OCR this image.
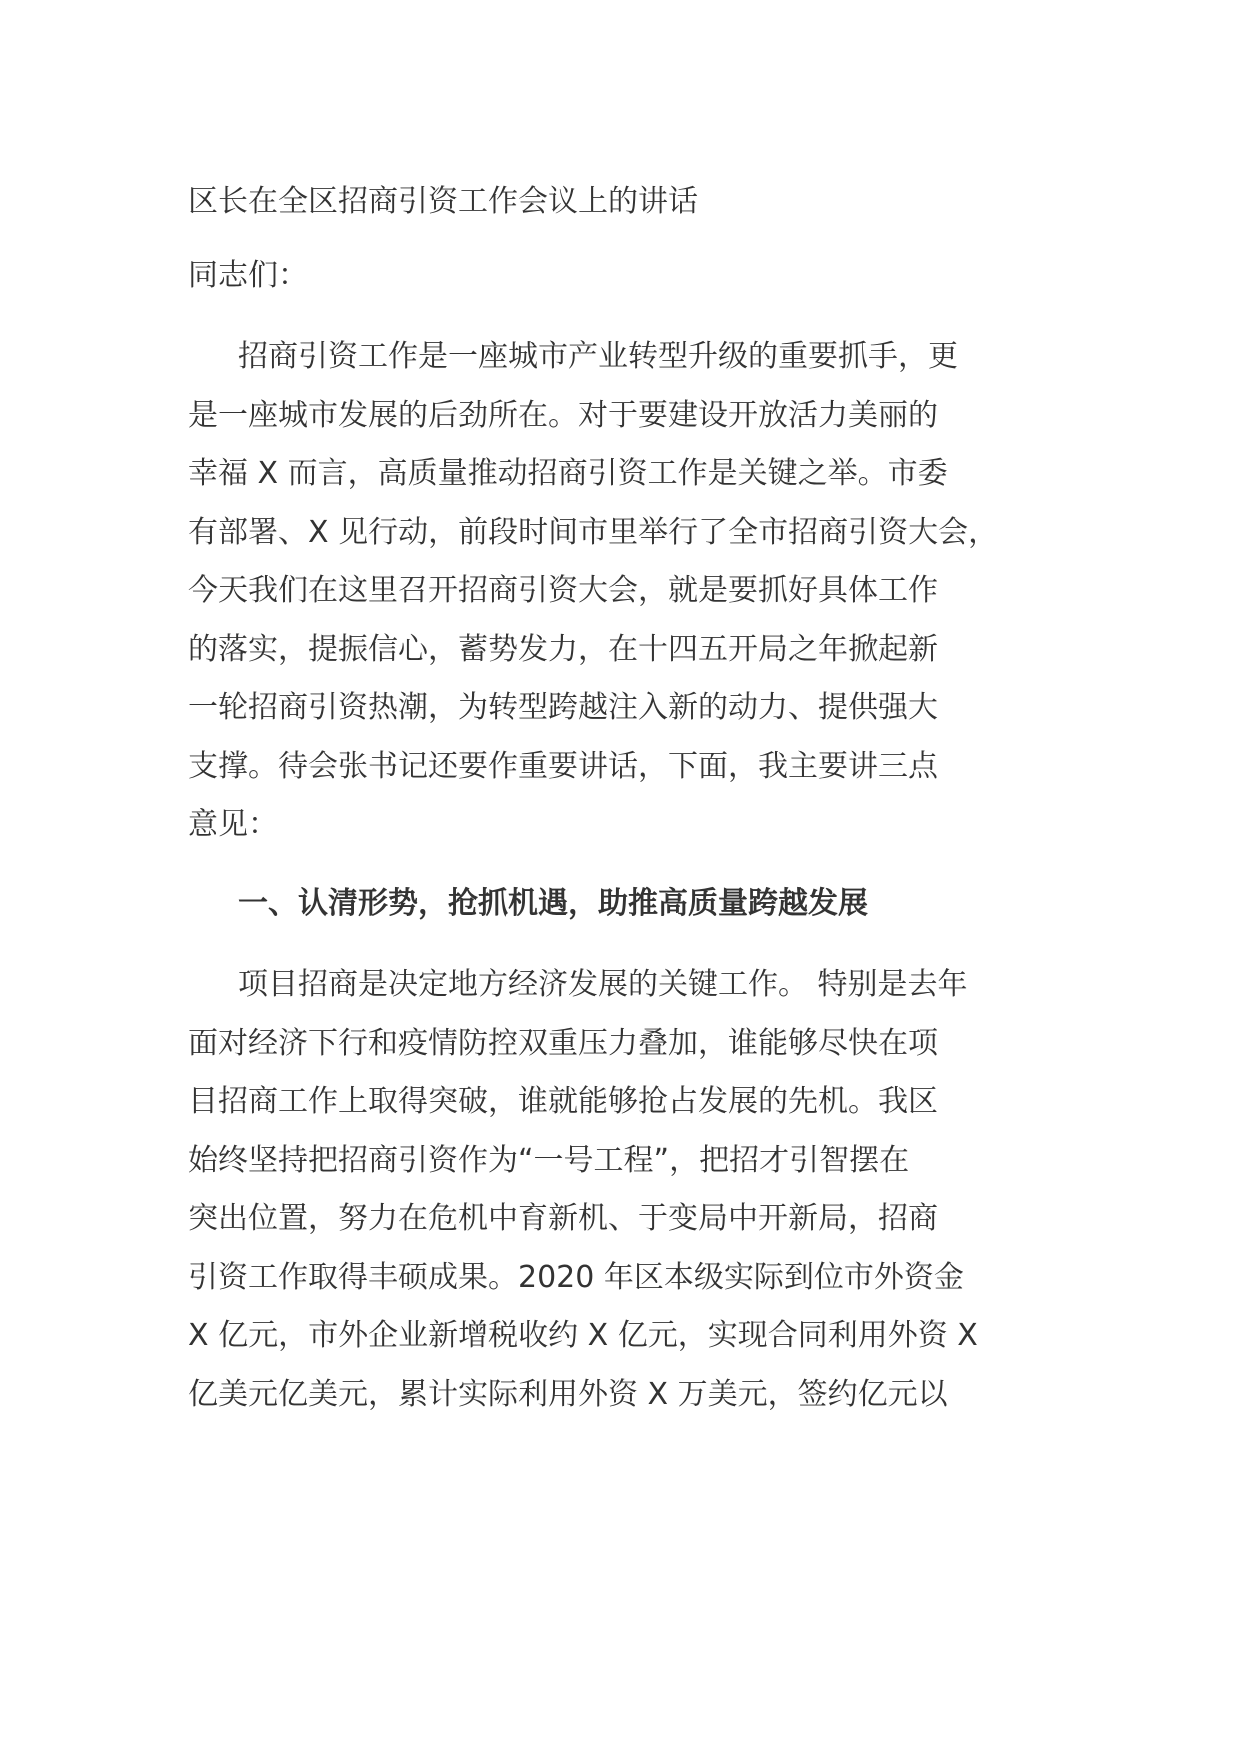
区长在全区招商引资工作会议上的讲话
同志们：
招商引资工作是一座城市产业转型升级的重要抓手，更
是一座城市发展的后劲所在。对于要建设开放活力美丽的
幸福 X 而言，高质量推动招商引资工作是关键之举。市委
有部署、X 见行动，前段时间市里举行了全市招商引资大会，
今天我们在这里召开招商引资大会，就是要抓好具体工作
的落实，提振信心，蓄势发力，在十四五开局之年掀起新
一轮招商引资热潮，为转型跨越注入新的动力、提供强大
支撑。待会张书记还要作重要讲话，下面，我主要讲三点
意见：
一、认清形势，抢抓机遇，助推高质量跨越发展
项目招商是决定地方经济发展的关键工作。 特别是去年
面对经济下行和疫情防控双重压力叠加，谁能够尽快在项
目招商工作上取得突破，谁就能够抢占发展的先机。我区
始终坚持把招商引资作为“一号工程”，把招才引智摆在
突出位置，努力在危机中育新机、于变局中开新局，招商
引资工作取得丰硕成果。2020 年区本级实际到位市外资金
X 亿元，市外企业新增税收约 X 亿元，实现合同利用外资 X
亿美元亿美元，累计实际利用外资 X 万美元，签约亿元以
